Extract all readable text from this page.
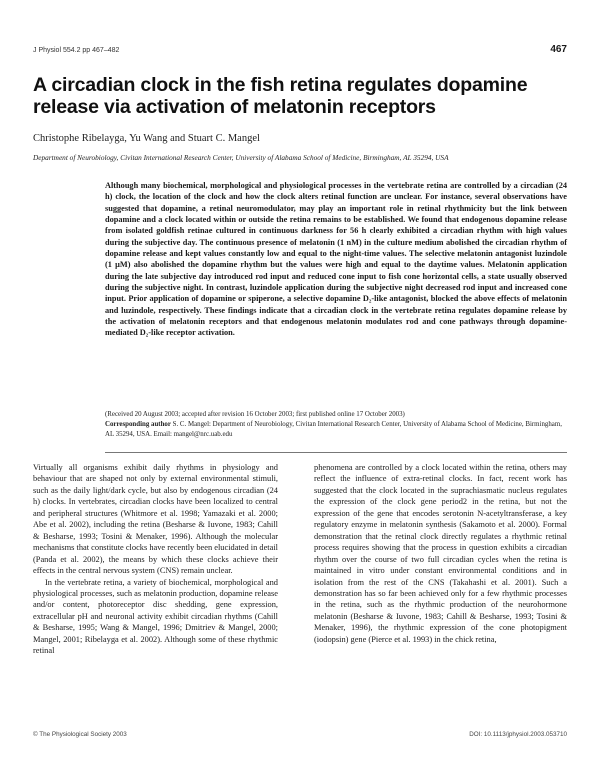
J Physiol 554.2 pp 467–482	467
A circadian clock in the fish retina regulates dopamine release via activation of melatonin receptors
Christophe Ribelayga, Yu Wang and Stuart C. Mangel
Department of Neurobiology, Civitan International Research Center, University of Alabama School of Medicine, Birmingham, AL 35294, USA
Although many biochemical, morphological and physiological processes in the vertebrate retina are controlled by a circadian (24 h) clock, the location of the clock and how the clock alters retinal function are unclear. For instance, several observations have suggested that dopamine, a retinal neuromodulator, may play an important role in retinal rhythmicity but the link between dopamine and a clock located within or outside the retina remains to be established. We found that endogenous dopamine release from isolated goldfish retinae cultured in continuous darkness for 56 h clearly exhibited a circadian rhythm with high values during the subjective day. The continuous presence of melatonin (1 nM) in the culture medium abolished the circadian rhythm of dopamine release and kept values constantly low and equal to the night-time values. The selective melatonin antagonist luzindole (1 μM) also abolished the dopamine rhythm but the values were high and equal to the daytime values. Melatonin application during the late subjective day introduced rod input and reduced cone input to fish cone horizontal cells, a state usually observed during the subjective night. In contrast, luzindole application during the subjective night decreased rod input and increased cone input. Prior application of dopamine or spiperone, a selective dopamine D₂-like antagonist, blocked the above effects of melatonin and luzindole, respectively. These findings indicate that a circadian clock in the vertebrate retina regulates dopamine release by the activation of melatonin receptors and that endogenous melatonin modulates rod and cone pathways through dopamine-mediated D₂-like receptor activation.
(Received 20 August 2003; accepted after revision 16 October 2003; first published online 17 October 2003)
Corresponding author S. C. Mangel: Department of Neurobiology, Civitan International Research Center, University of Alabama School of Medicine, Birmingham, AL 35294, USA. Email: mangel@nrc.uab.edu

Virtually all organisms exhibit daily rhythms in physiology and behaviour that are shaped not only by external environmental stimuli, such as the daily light/dark cycle, but also by endogenous circadian (24 h) clocks. In vertebrates, circadian clocks have been localized to central and peripheral structures (Whitmore et al. 1998; Yamazaki et al. 2000; Abe et al. 2002), including the retina (Besharse & Iuvone, 1983; Cahill & Besharse, 1993; Tosini & Menaker, 1996). Although the molecular mechanisms that constitute clocks have recently been elucidated in detail (Panda et al. 2002), the means by which these clocks achieve their effects in the central nervous system (CNS) remain unclear.

In the vertebrate retina, a variety of biochemical, morphological and physiological processes, such as melatonin production, dopamine release and/or content, photoreceptor disc shedding, gene expression, extracellular pH and neuronal activity exhibit circadian rhythms (Cahill & Besharse, 1995; Wang & Mangel, 1996; Dmitriev & Mangel, 2000; Mangel, 2001; Ribelayga et al. 2002). Although some of these rhythmic retinal

phenomena are controlled by a clock located within the retina, others may reflect the influence of extra-retinal clocks. In fact, recent work has suggested that the clock located in the suprachiasmatic nucleus regulates the expression of the clock gene period2 in the retina, but not the expression of the gene that encodes serotonin N-acetyltransferase, a key regulatory enzyme in melatonin synthesis (Sakamoto et al. 2000). Formal demonstration that the retinal clock directly regulates a rhythmic retinal process requires showing that the process in question exhibits a circadian rhythm over the course of two full circadian cycles when the retina is maintained in vitro under constant environmental conditions and in isolation from the rest of the CNS (Takahashi et al. 2001). Such a demonstration has so far been achieved only for a few rhythmic processes in the retina, such as the rhythmic production of the neurohormone melatonin (Besharse & Iuvone, 1983; Cahill & Besharse, 1993; Tosini & Menaker, 1996), the rhythmic expression of the cone photopigment (iodopsin) gene (Pierce et al. 1993) in the chick retina,

© The Physiological Society 2003	DOI: 10.1113/jphysiol.2003.053710
